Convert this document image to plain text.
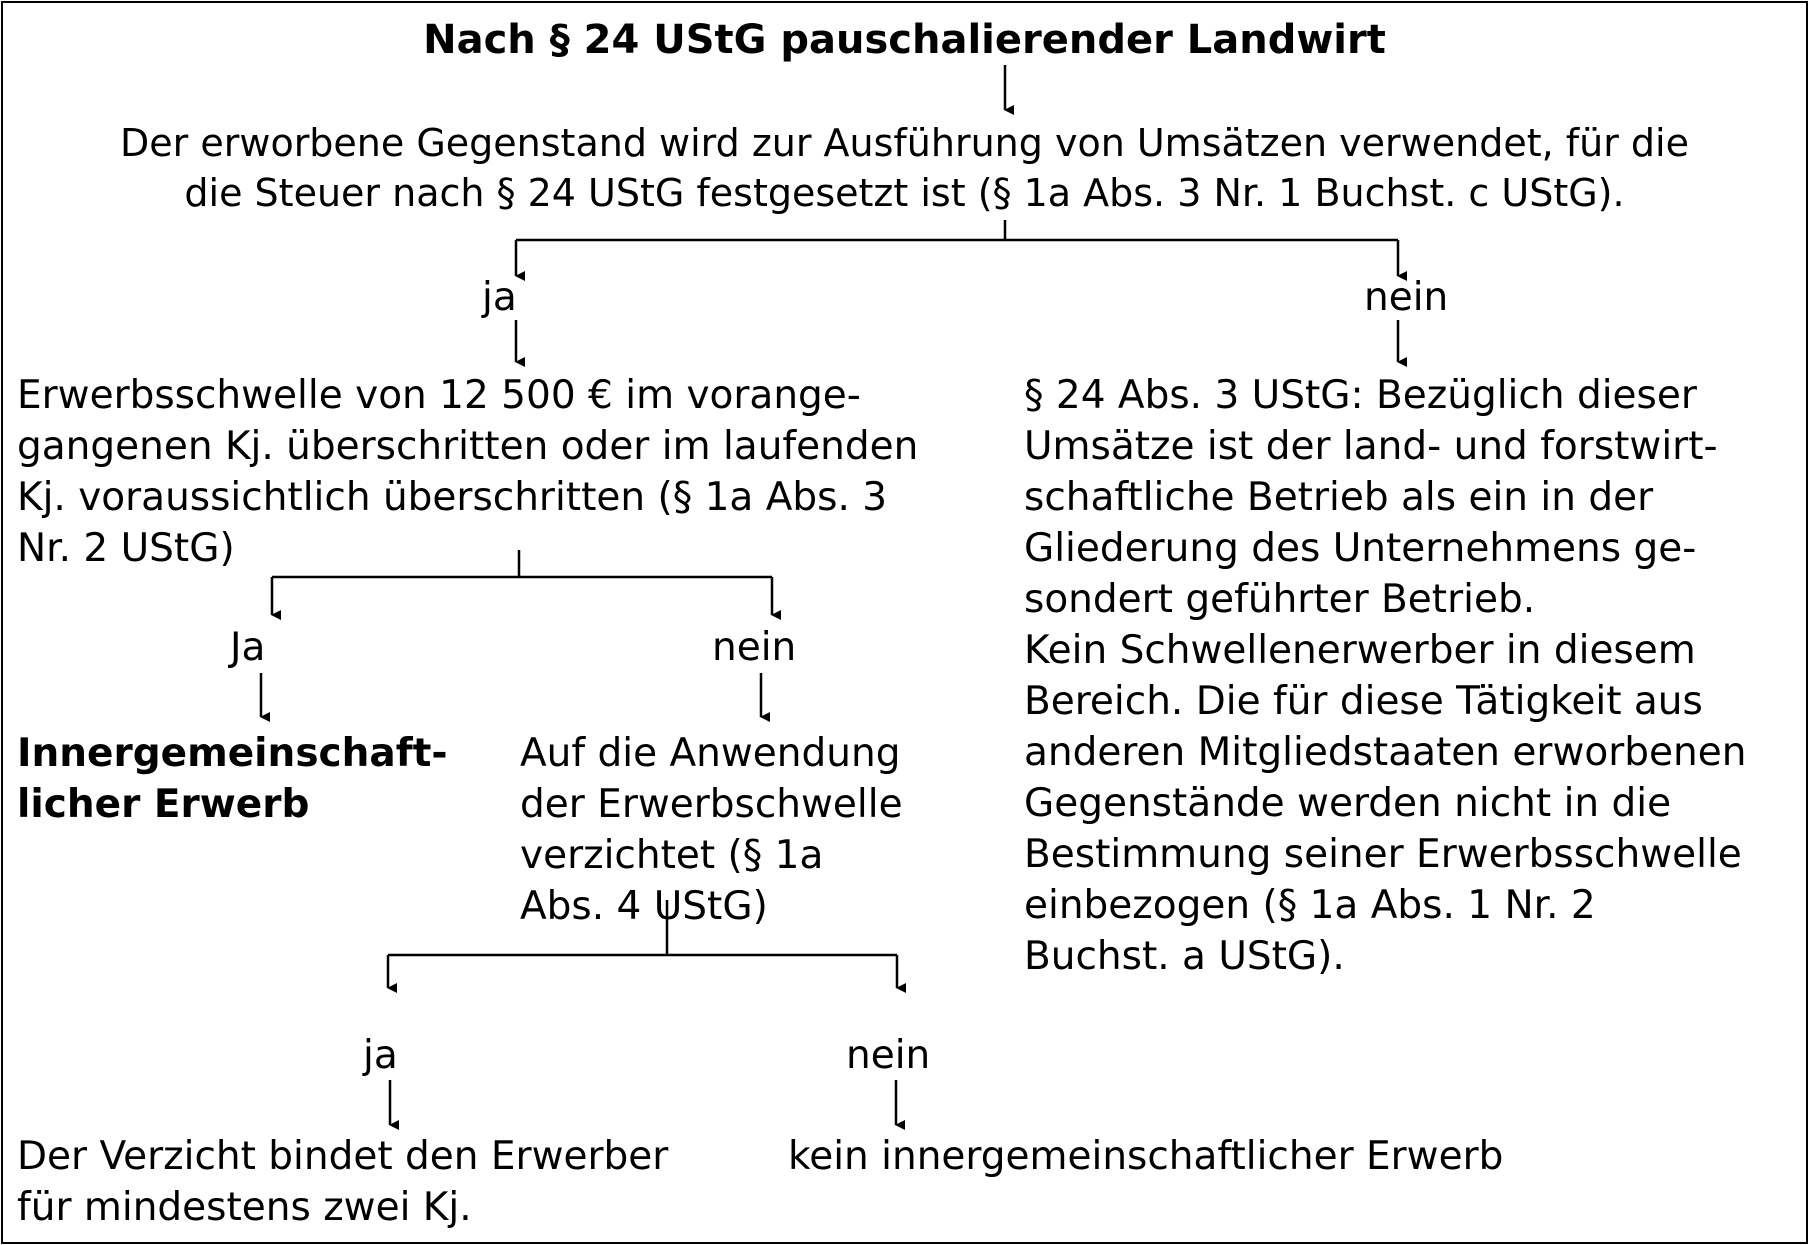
Nach § 24 UStG pauschalierender Landwirt
Der erworbene Gegenstand wird zur Ausführung von Umsätzen verwendet, für die
die Steuer nach § 24 UStG festgesetzt ist (§ 1a Abs. 3 Nr. 1 Buchst. c UStG).
ja	nein
Erwerbsschwelle von 12 500 € im vorange-
gangenen Kj. überschritten oder im laufenden
Kj. voraussichtlich überschritten (§ 1a Abs. 3
Nr. 2 UStG)
§ 24 Abs. 3 UStG: Bezüglich dieser
Umsätze ist der land- und forstwirt-
schaftliche Betrieb als ein in der
Gliederung des Unternehmens ge-
sondert geführter Betrieb.
Kein Schwellenerwerber in diesem
Bereich. Die für diese Tätigkeit aus
anderen Mitgliedstaaten erworbenen
Gegenstände werden nicht in die
Bestimmung seiner Erwerbsschwelle
einbezogen (§ 1a Abs. 1 Nr. 2
Buchst. a UStG).
Ja	nein
Innergemeinschaft-
licher Erwerb
Auf die Anwendung
der Erwerbschwelle
verzichtet (§ 1a
Abs. 4 UStG)
ja	nein
Der Verzicht bindet den Erwerber
für mindestens zwei Kj.
kein innergemeinschaftlicher Erwerb
